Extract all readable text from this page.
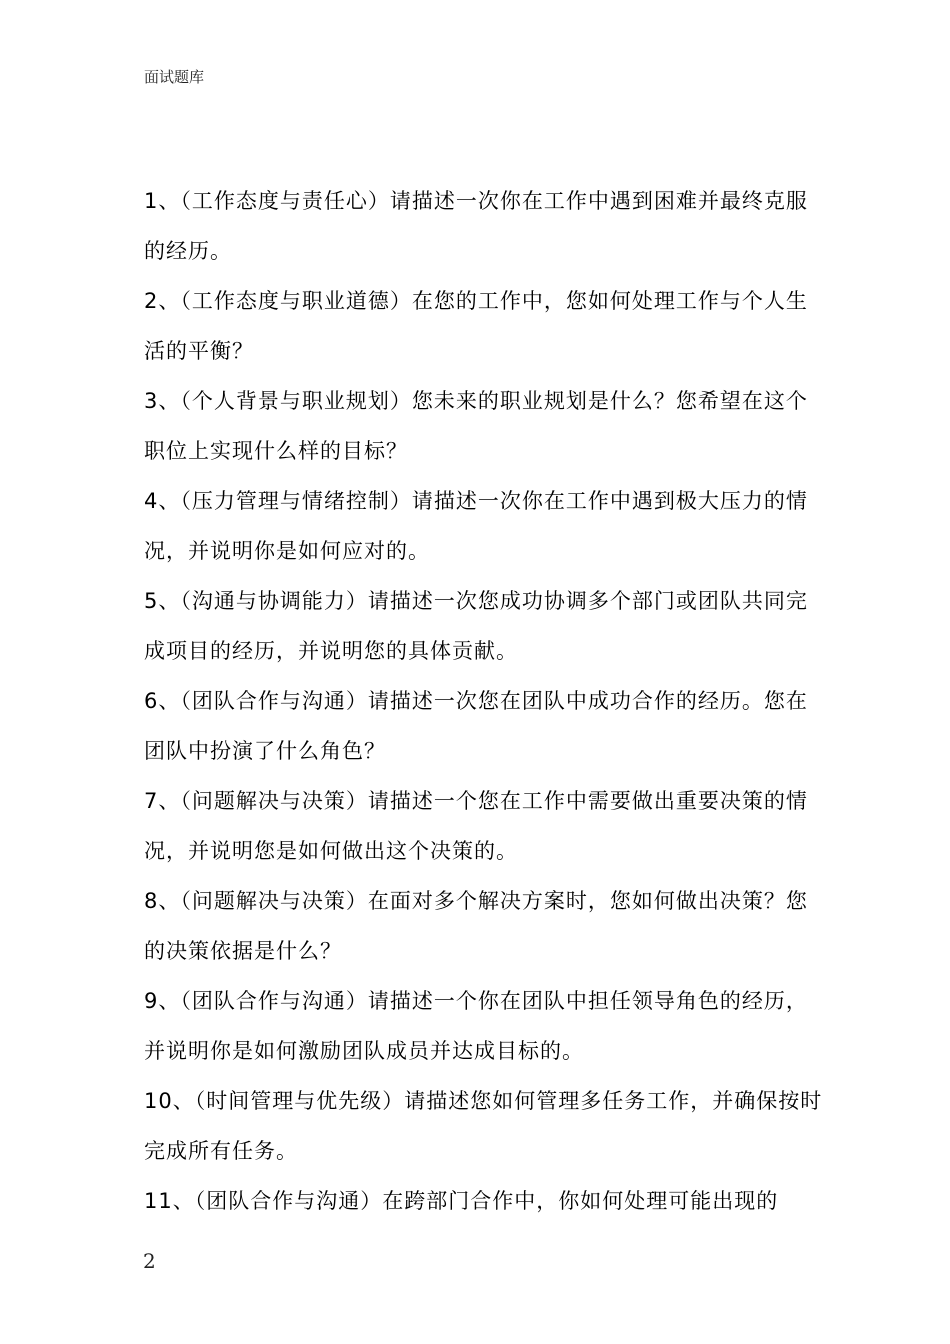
面试题库

1、（工作态度与责任心）请描述一次你在工作中遇到困难并最终克服的经历。

2、（工作态度与职业道德）在您的工作中，您如何处理工作与个人生活的平衡？

3、（个人背景与职业规划）您未来的职业规划是什么？您希望在这个职位上实现什么样的目标？

4、（压力管理与情绪控制）请描述一次你在工作中遇到极大压力的情况，并说明你是如何应对的。

5、（沟通与协调能力）请描述一次您成功协调多个部门或团队共同完成项目的经历，并说明您的具体贡献。

6、（团队合作与沟通）请描述一次您在团队中成功合作的经历。您在团队中扮演了什么角色？

7、（问题解决与决策）请描述一个您在工作中需要做出重要决策的情况，并说明您是如何做出这个决策的。

8、（问题解决与决策）在面对多个解决方案时，您如何做出决策？您的决策依据是什么？

9、（团队合作与沟通）请描述一个你在团队中担任领导角色的经历，并说明你是如何激励团队成员并达成目标的。

10、（时间管理与优先级）请描述您如何管理多任务工作，并确保按时完成所有任务。

11、（团队合作与沟通）在跨部门合作中，你如何处理可能出现的

2
